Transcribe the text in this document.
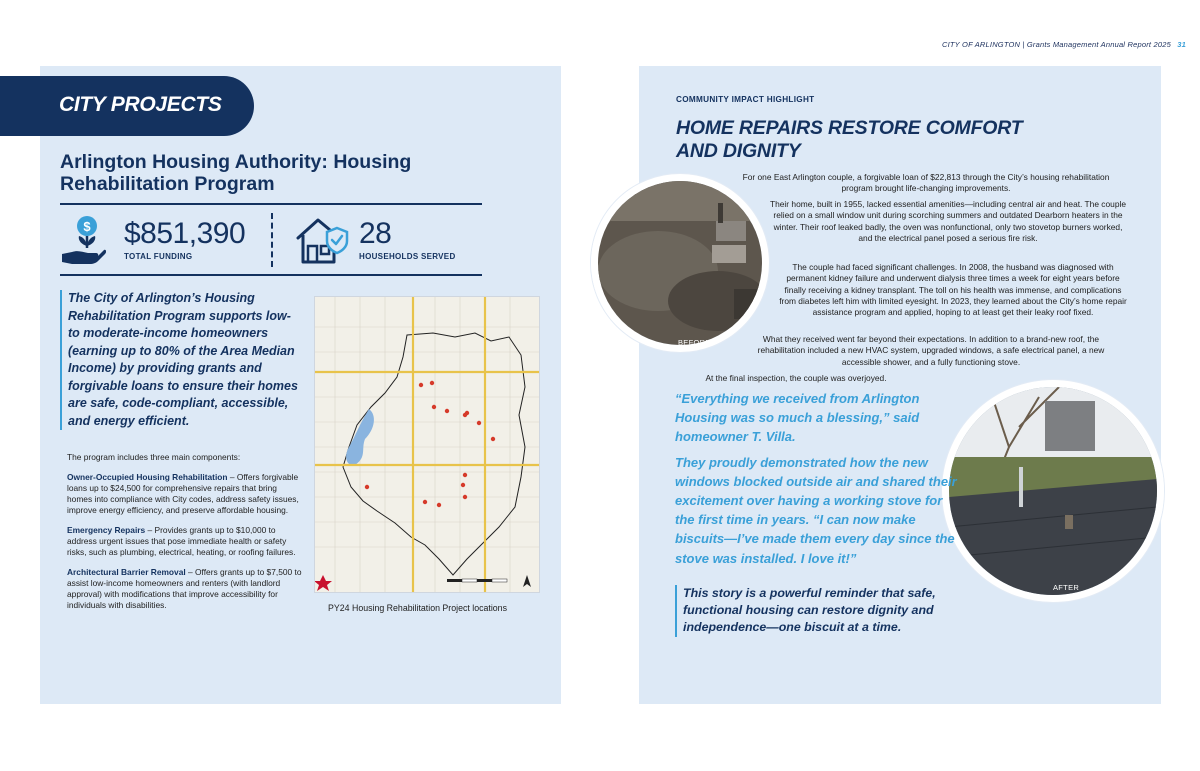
CITY OF ARLINGTON | Grants Management Annual Report 2025 31
CITY PROJECTS
Arlington Housing Authority: Housing Rehabilitation Program
$ $851,390
TOTAL FUNDING
28
HOUSEHOLDS SERVED
The City of Arlington’s Housing Rehabilitation Program supports low-to moderate-income homeowners (earning up to 80% of the Area Median Income) by providing grants and forgivable loans to ensure their homes are safe, code-compliant, accessible, and energy efficient.

The program includes three main components:

Owner-Occupied Housing Rehabilitation – Offers forgivable loans up to $24,500 for comprehensive repairs that bring homes into compliance with City codes, address safety issues, improve energy efficiency, and preserve affordable housing.

Emergency Repairs – Provides grants up to $10,000 to address urgent issues that pose immediate health or safety risks, such as plumbing, electrical, heating, or roofing failures.

Architectural Barrier Removal – Offers grants up to $7,500 to assist low-income homeowners and renters (with landlord approval) with modifications that improve accessibility for individuals with disabilities.	PY24 Housing Rehabilitation Project locations
COMMUNITY IMPACT HIGHLIGHT
HOME REPAIRS RESTORE COMFORT
AND DIGNITY
BEFORE
For one East Arlington couple, a forgivable loan of $22,813 through the City’s housing rehabilitation program brought life-changing improvements.
Their home, built in 1955, lacked essential amenities—including central air and heat. The couple relied on a small window unit during scorching summers and outdated Dearborn heaters in the winter. Their roof leaked badly, the oven was nonfunctional, only two stovetop burners worked, and the electrical panel posed a serious fire risk.
The couple had faced significant challenges. In 2008, the husband was diagnosed with permanent kidney failure and underwent dialysis three times a week for eight years before finally receiving a kidney transplant. The toll on his health was immense, and complications from diabetes left him with limited eyesight. In 2023, they learned about the City’s home repair assistance program and applied, hoping to at least get their leaky roof fixed.
What they received went far beyond their expectations. In addition to a brand-new roof, the rehabilitation included a new HVAC system, upgraded windows, a safe electrical panel, a new accessible shower, and a fully functioning stove.
At the final inspection, the couple was overjoyed.
AFTER

“Everything we received from Arlington Housing was so much a blessing,” said homeowner T. Villa.

They proudly demonstrated how the new windows blocked outside air and shared their excitement over having a working stove for the first time in years. “I can now make biscuits—I’ve made them every day since the stove was installed. I love it!”

This story is a powerful reminder that safe, functional housing can restore dignity and independence—one biscuit at a time.
